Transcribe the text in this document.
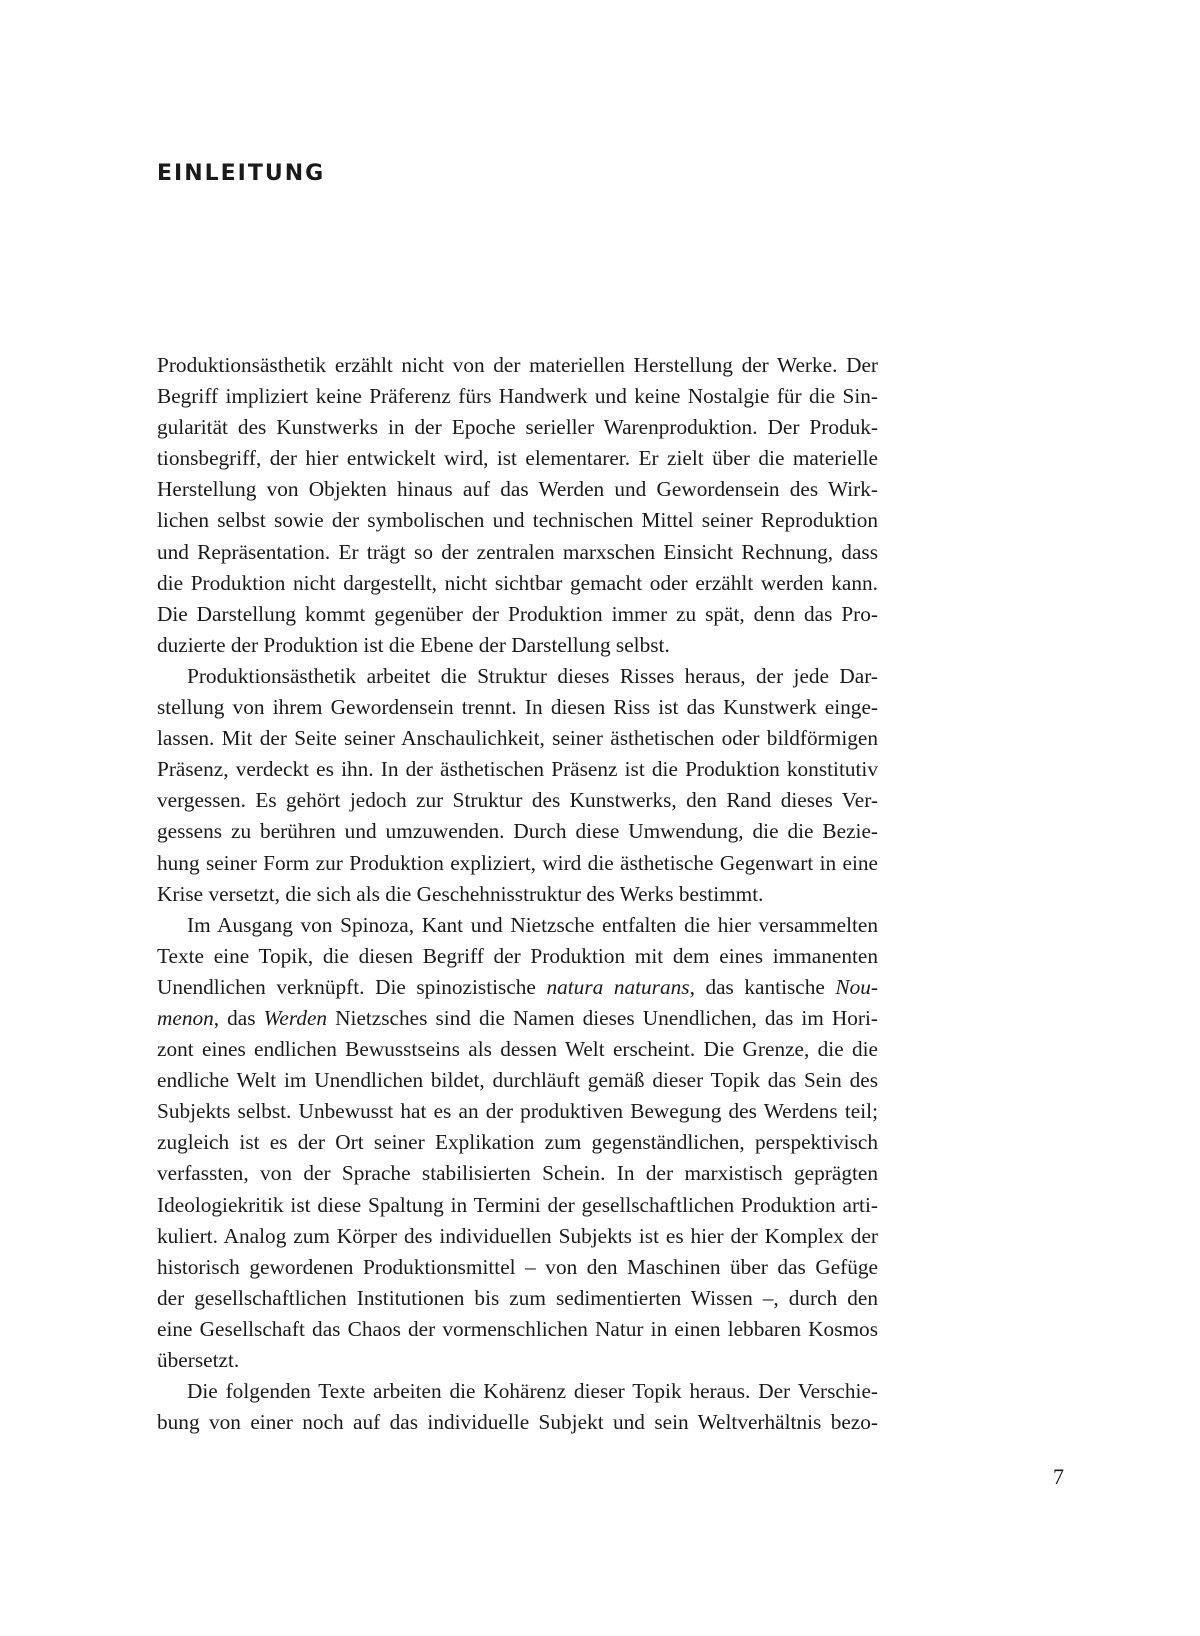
EINLEITUNG

Produktionsästhetik erzählt nicht von der materiellen Herstellung der Werke. Der
Begriff impliziert keine Präferenz fürs Handwerk und keine Nostalgie für die Sin-
gularität des Kunstwerks in der Epoche serieller Warenproduktion. Der Produk-
tionsbegriff, der hier entwickelt wird, ist elementarer. Er zielt über die materielle
Herstellung von Objekten hinaus auf das Werden und Gewordensein des Wirk-
lichen selbst sowie der symbolischen und technischen Mittel seiner Reproduktion
und Repräsentation. Er trägt so der zentralen marxschen Einsicht Rechnung, dass
die Produktion nicht dargestellt, nicht sichtbar gemacht oder erzählt werden kann.
Die Darstellung kommt gegenüber der Produktion immer zu spät, denn das Pro-
duzierte der Produktion ist die Ebene der Darstellung selbst.

Produktionsästhetik arbeitet die Struktur dieses Risses heraus, der jede Dar-
stellung von ihrem Gewordensein trennt. In diesen Riss ist das Kunstwerk einge-
lassen. Mit der Seite seiner Anschaulichkeit, seiner ästhetischen oder bildförmigen
Präsenz, verdeckt es ihn. In der ästhetischen Präsenz ist die Produktion konstitutiv
vergessen. Es gehört jedoch zur Struktur des Kunstwerks, den Rand dieses Ver-
gessens zu berühren und umzuwenden. Durch diese Umwendung, die die Bezie-
hung seiner Form zur Produktion expliziert, wird die ästhetische Gegenwart in eine
Krise versetzt, die sich als die Geschehnisstruktur des Werks bestimmt.

Im Ausgang von Spinoza, Kant und Nietzsche entfalten die hier versammelten
Texte eine Topik, die diesen Begriff der Produktion mit dem eines immanenten
Unendlichen verknüpft. Die spinozistische natura naturans, das kantische Nou-
menon, das Werden Nietzsches sind die Namen dieses Unendlichen, das im Hori-
zont eines endlichen Bewusstseins als dessen Welt erscheint. Die Grenze, die die
endliche Welt im Unendlichen bildet, durchläuft gemäß dieser Topik das Sein des
Subjekts selbst. Unbewusst hat es an der produktiven Bewegung des Werdens teil;
zugleich ist es der Ort seiner Explikation zum gegenständlichen, perspektivisch
verfassten, von der Sprache stabilisierten Schein. In der marxistisch geprägten
Ideologiekritik ist diese Spaltung in Termini der gesellschaftlichen Produktion arti-
kuliert. Analog zum Körper des individuellen Subjekts ist es hier der Komplex der
historisch gewordenen Produktionsmittel – von den Maschinen über das Gefüge
der gesellschaftlichen Institutionen bis zum sedimentierten Wissen –, durch den
eine Gesellschaft das Chaos der vormenschlichen Natur in einen lebbaren Kosmos
übersetzt.

Die folgenden Texte arbeiten die Kohärenz dieser Topik heraus. Der Verschie-
bung von einer noch auf das individuelle Subjekt und sein Weltverhältnis bezo-

7
